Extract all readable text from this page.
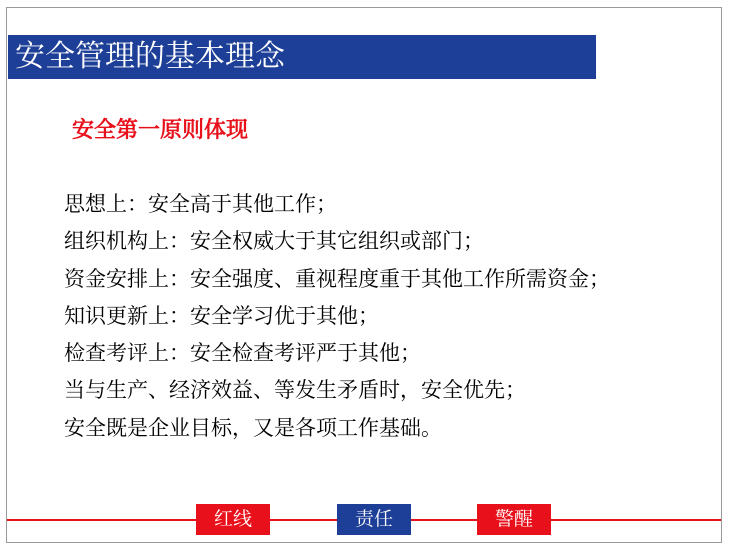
安全管理的基本理念
安全第一原则体现
思想上：安全高于其他工作；
组织机构上：安全权威大于其它组织或部门；
资金安排上：安全强度、重视程度重于其他工作所需资金；
知识更新上：安全学习优于其他；
检查考评上：安全检查考评严于其他；
当与生产、经济效益、等发生矛盾时，安全优先；
安全既是企业目标，又是各项工作基础。
红线	责任	警醒
